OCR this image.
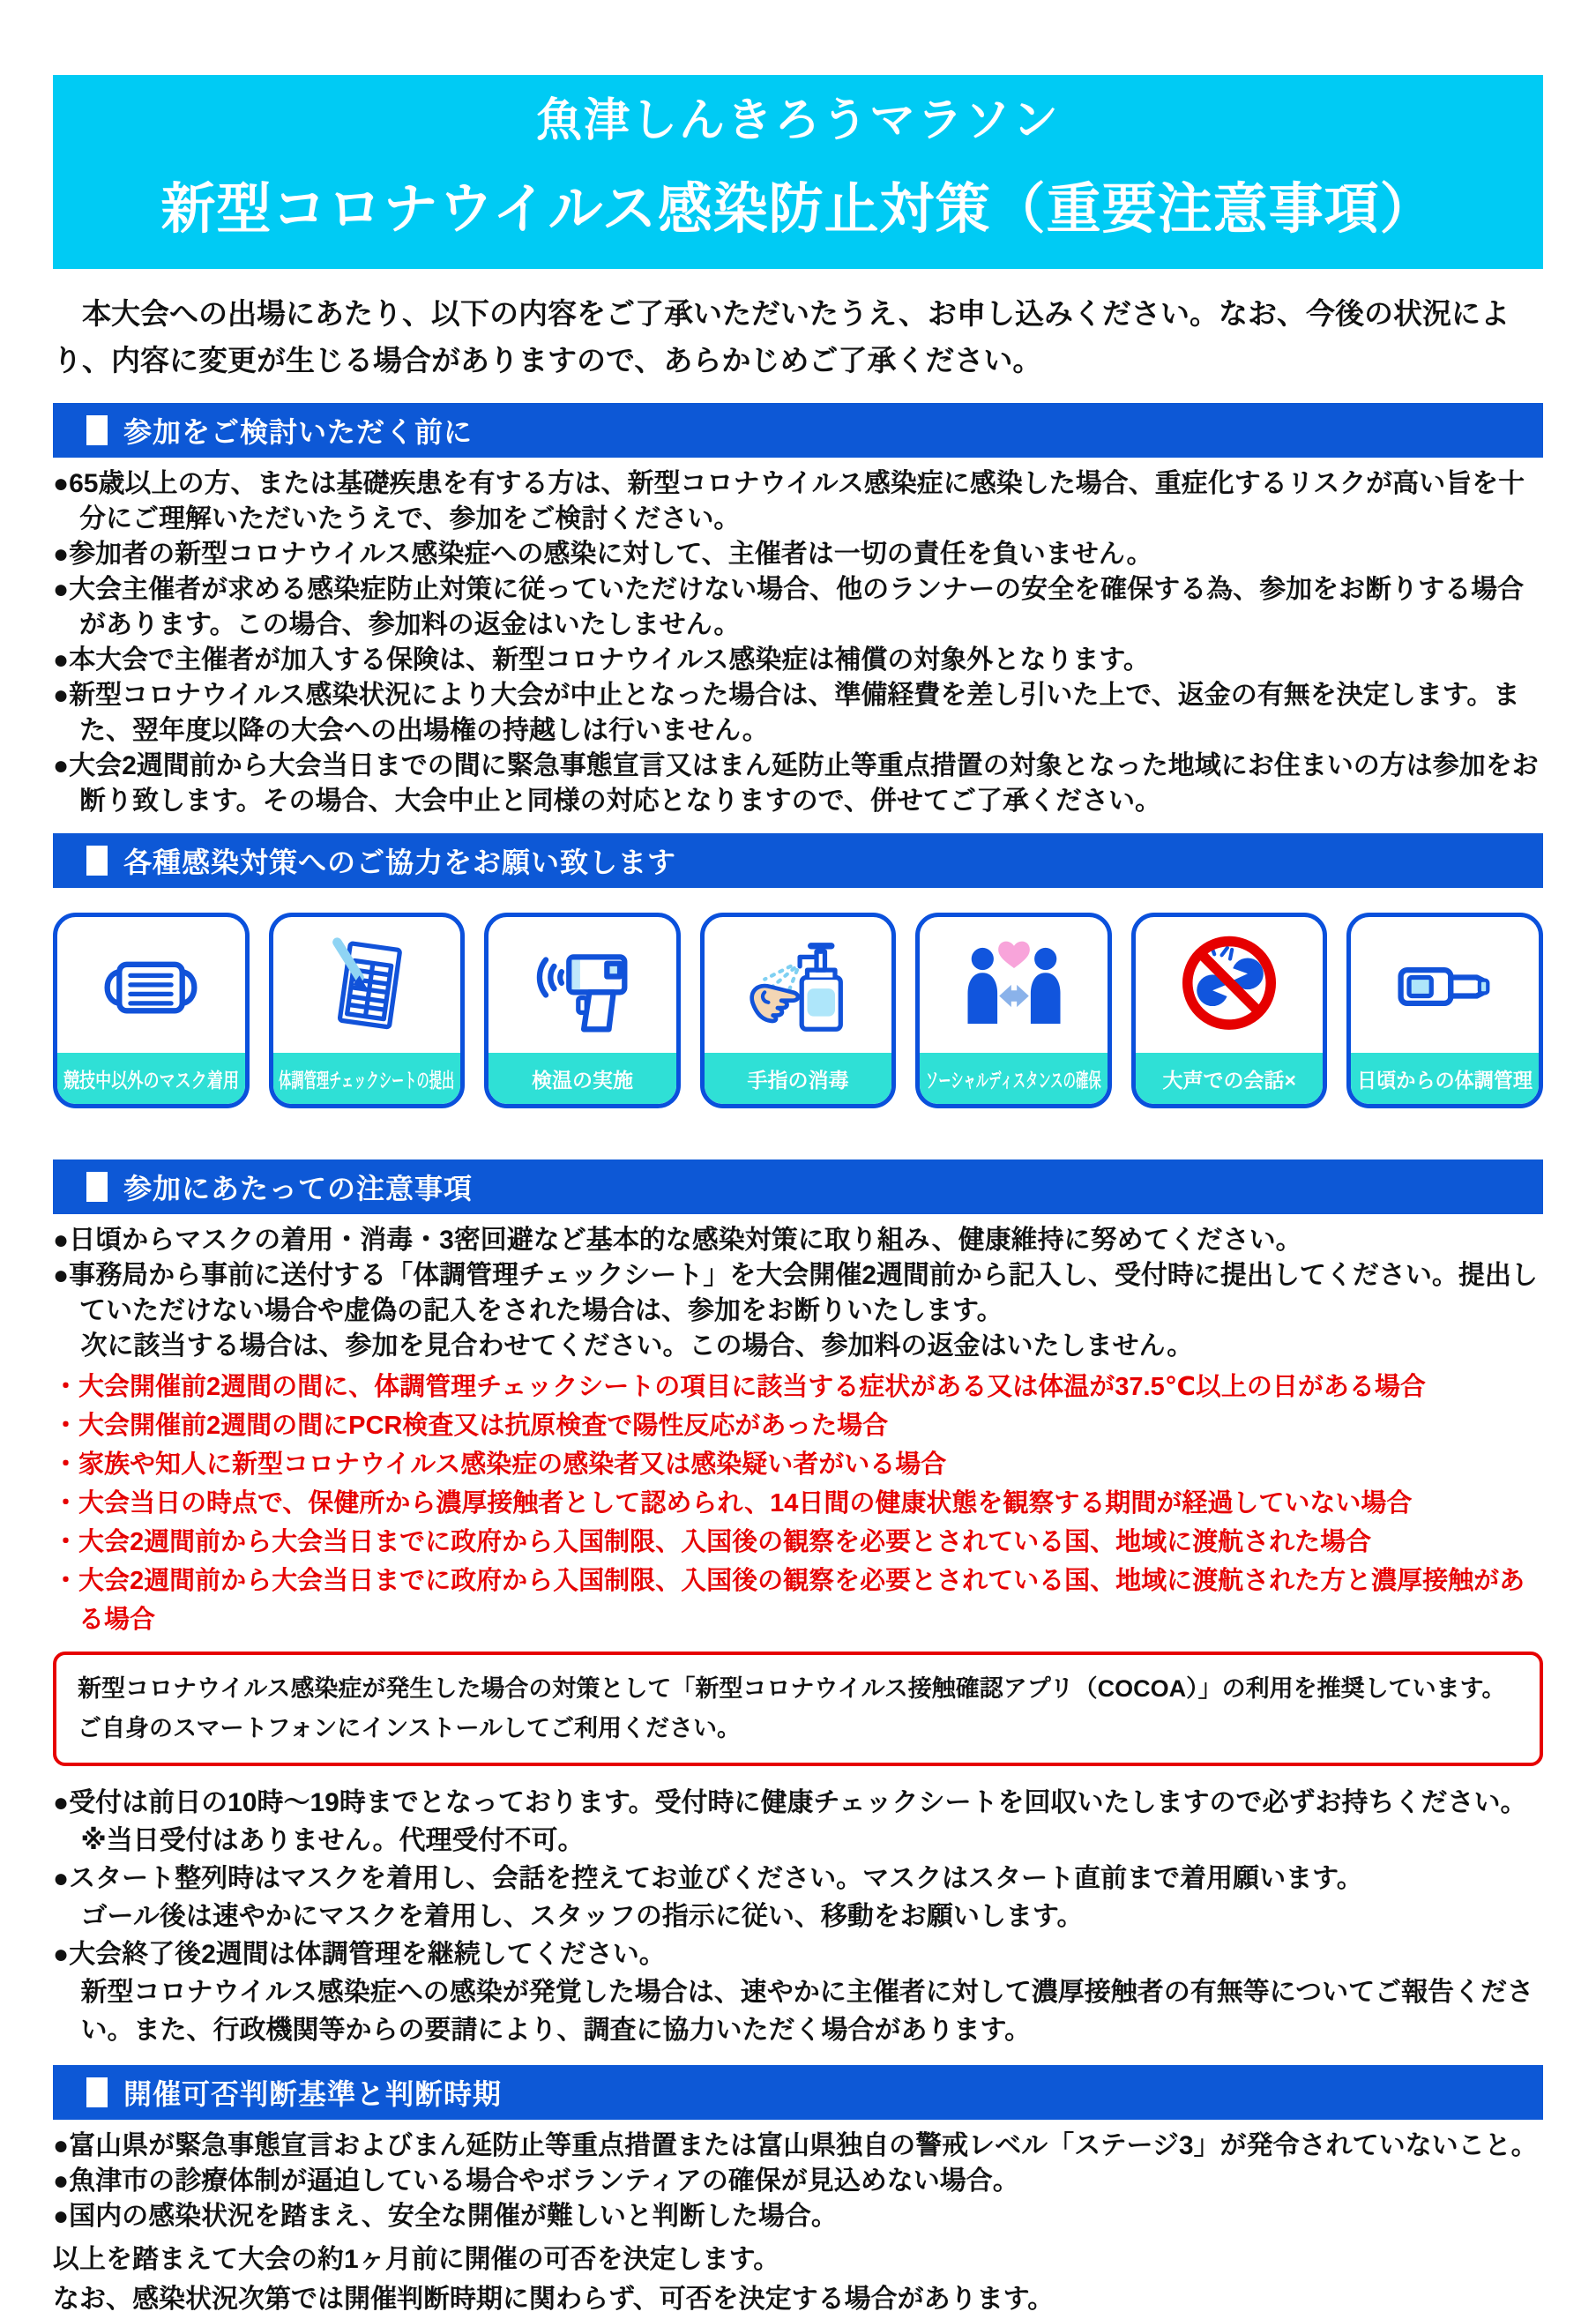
魚津しんきろうマラソン
新型コロナウイルス感染防止対策（重要注意事項）
　本大会への出場にあたり、以下の内容をご了承いただいたうえ、お申し込みください。なお、今後の状況により、内容に変更が生じる場合がありますので、あらかじめご了承ください。
参加をご検討いただく前に
●65歳以上の方、または基礎疾患を有する方は、新型コロナウイルス感染症に感染した場合、重症化するリスクが高い旨を十分にご理解いただいたうえで、参加をご検討ください。
●参加者の新型コロナウイルス感染症への感染に対して、主催者は一切の責任を負いません。
●大会主催者が求める感染症防止対策に従っていただけない場合、他のランナーの安全を確保する為、参加をお断りする場合があります。この場合、参加料の返金はいたしません。
●本大会で主催者が加入する保険は、新型コロナウイルス感染症は補償の対象外となります。
●新型コロナウイルス感染状況により大会が中止となった場合は、準備経費を差し引いた上で、返金の有無を決定します。また、翌年度以降の大会への出場権の持越しは行いません。
●大会2週間前から大会当日までの間に緊急事態宣言又はまん延防止等重点措置の対象となった地域にお住まいの方は参加をお断り致します。その場合、大会中止と同様の対応となりますので、併せてご了承ください。
各種感染対策へのご協力をお願い致します
競技中以外のマスク着用 体調管理チェックシートの提出	検温の実施	手指の消毒	ソーシャルディスタンスの確保	大声での会話×	日頃からの体調管理
参加にあたっての注意事項
●日頃からマスクの着用・消毒・3密回避など基本的な感染対策に取り組み、健康維持に努めてください。
●事務局から事前に送付する「体調管理チェックシート」を大会開催2週間前から記入し、受付時に提出してください。提出していただけない場合や虚偽の記入をされた場合は、参加をお断りいたします。
次に該当する場合は、参加を見合わせてください。この場合、参加料の返金はいたしません。
・大会開催前2週間の間に、体調管理チェックシートの項目に該当する症状がある又は体温が37.5℃以上の日がある場合
・大会開催前2週間の間にPCR検査又は抗原検査で陽性反応があった場合
・家族や知人に新型コロナウイルス感染症の感染者又は感染疑い者がいる場合
・大会当日の時点で、保健所から濃厚接触者として認められ、14日間の健康状態を観察する期間が経過していない場合
・大会2週間前から大会当日までに政府から入国制限、入国後の観察を必要とされている国、地域に渡航された場合
・大会2週間前から大会当日までに政府から入国制限、入国後の観察を必要とされている国、地域に渡航された方と濃厚接触がある場合
新型コロナウイルス感染症が発生した場合の対策として「新型コロナウイルス接触確認アプリ（COCOA）」の利用を推奨しています。
ご自身のスマートフォンにインストールしてご利用ください。
●受付は前日の10時～19時までとなっております。受付時に健康チェックシートを回収いたしますので必ずお持ちください。
※当日受付はありません。代理受付不可。
●スタート整列時はマスクを着用し、会話を控えてお並びください。マスクはスタート直前まで着用願います。
ゴール後は速やかにマスクを着用し、スタッフの指示に従い、移動をお願いします。
●大会終了後2週間は体調管理を継続してください。
新型コロナウイルス感染症への感染が発覚した場合は、速やかに主催者に対して濃厚接触者の有無等についてご報告ください。また、行政機関等からの要請により、調査に協力いただく場合があります。
開催可否判断基準と判断時期
●富山県が緊急事態宣言およびまん延防止等重点措置または富山県独自の警戒レベル「ステージ3」が発令されていないこと。
●魚津市の診療体制が逼迫している場合やボランティアの確保が見込めない場合。
●国内の感染状況を踏まえ、安全な開催が難しいと判断した場合。
以上を踏まえて大会の約1ヶ月前に開催の可否を決定します。
なお、感染状況次第では開催判断時期に関わらず、可否を決定する場合があります。
